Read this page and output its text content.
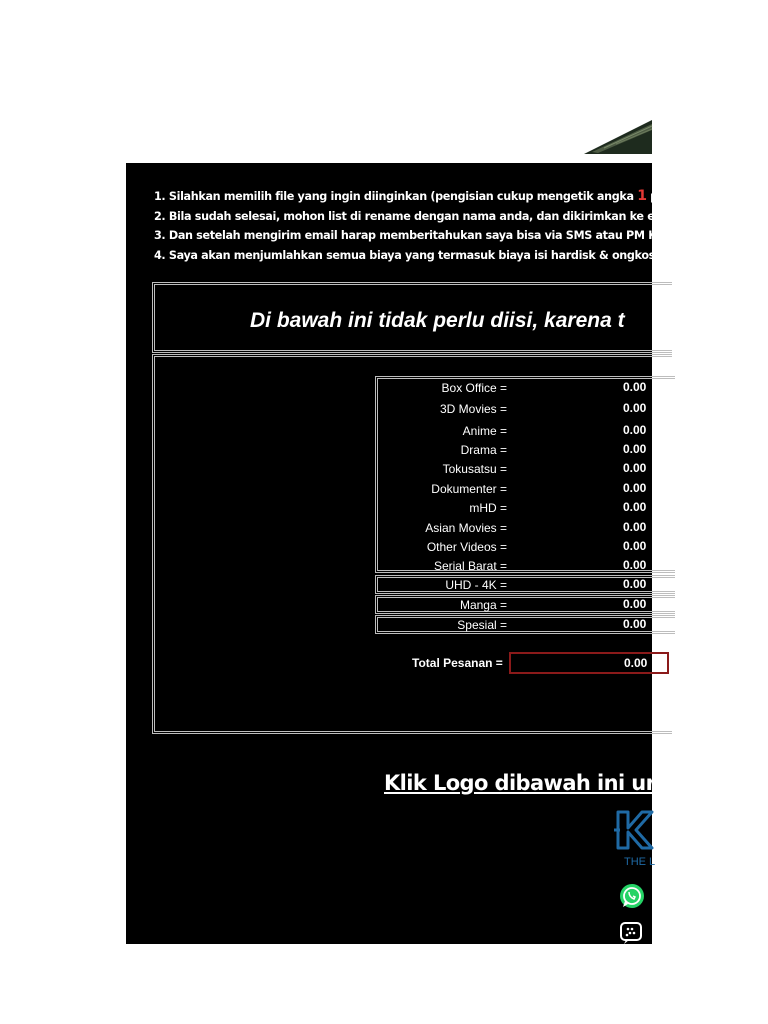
1. Silahkan memilih file yang ingin diinginkan (pengisian cukup mengetik angka 1 pada
2. Bila sudah selesai, mohon list di rename dengan nama anda, dan dikirimkan ke email
3. Dan setelah mengirim email harap memberitahukan saya bisa via SMS atau PM Kasku
4. Saya akan menjumlahkan semua biaya yang termasuk biaya isi hardisk & ongkos kirin
Di bawah ini tidak perlu diisi, karena t
Box Office =	0.00
3D Movies =	0.00
Anime =	0.00
Drama =	0.00
Tokusatsu =	0.00
Dokumenter =	0.00
mHD =	0.00
Asian Movies =	0.00
Other Videos =	0.00
Serial Barat =	0.00
UHD - 4K =	0.00
Manga =	0.00
Spesial =	0.00
Total Pesanan =	0.00
Klik Logo dibawah ini ur
THE L
